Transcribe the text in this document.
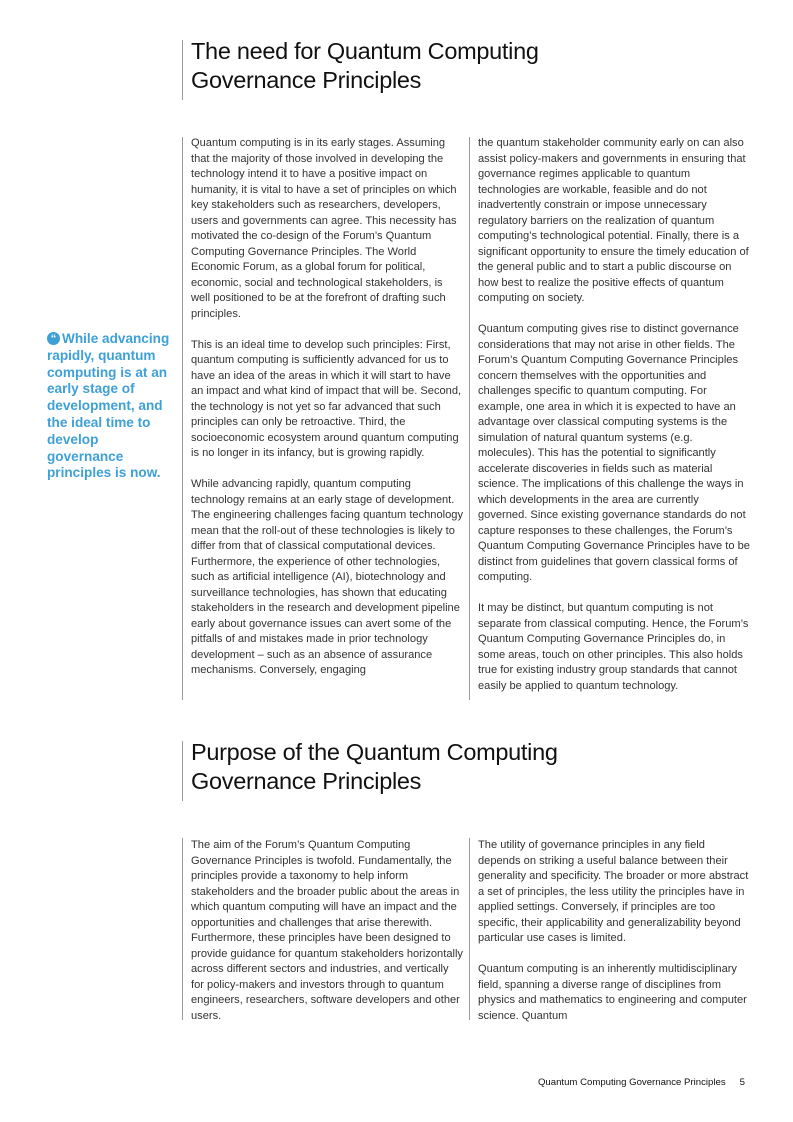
The need for Quantum Computing Governance Principles

Quantum computing is in its early stages. Assuming that the majority of those involved in developing the technology intend it to have a positive impact on humanity, it is vital to have a set of principles on which key stakeholders such as researchers, developers, users and governments can agree. This necessity has motivated the co-design of the Forum’s Quantum Computing Governance Principles. The World Economic Forum, as a global forum for political, economic, social and technological stakeholders, is well positioned to be at the forefront of drafting such principles.

This is an ideal time to develop such principles: First, quantum computing is sufficiently advanced for us to have an idea of the areas in which it will start to have an impact and what kind of impact that will be. Second, the technology is not yet so far advanced that such principles can only be retroactive. Third, the socioeconomic ecosystem around quantum computing is no longer in its infancy, but is growing rapidly.

While advancing rapidly, quantum computing technology remains at an early stage of development. The engineering challenges facing quantum technology mean that the roll-out of these technologies is likely to differ from that of classical computational devices. Furthermore, the experience of other technologies, such as artificial intelligence (AI), biotechnology and surveillance technologies, has shown that educating stakeholders in the research and development pipeline early about governance issues can avert some of the pitfalls of and mistakes made in prior technology development – such as an absence of assurance mechanisms. Conversely, engaging

the quantum stakeholder community early on can also assist policy-makers and governments in ensuring that governance regimes applicable to quantum technologies are workable, feasible and do not inadvertently constrain or impose unnecessary regulatory barriers on the realization of quantum computing’s technological potential. Finally, there is a significant opportunity to ensure the timely education of the general public and to start a public discourse on how best to realize the positive effects of quantum computing on society.

Quantum computing gives rise to distinct governance considerations that may not arise in other fields. The Forum’s Quantum Computing Governance Principles concern themselves with the opportunities and challenges specific to quantum computing. For example, one area in which it is expected to have an advantage over classical computing systems is the simulation of natural quantum systems (e.g. molecules). This has the potential to significantly accelerate discoveries in fields such as material science. The implications of this challenge the ways in which developments in the area are currently governed. Since existing governance standards do not capture responses to these challenges, the Forum’s Quantum Computing Governance Principles have to be distinct from guidelines that govern classical forms of computing.

It may be distinct, but quantum computing is not separate from classical computing. Hence, the Forum’s Quantum Computing Governance Principles do, in some areas, touch on other principles. This also holds true for existing industry group standards that cannot easily be applied to quantum technology.

“ While advancing rapidly, quantum computing is at an early stage of development, and the ideal time to develop governance principles is now.
Purpose of the Quantum Computing Governance Principles

The aim of the Forum’s Quantum Computing Governance Principles is twofold. Fundamentally, the principles provide a taxonomy to help inform stakeholders and the broader public about the areas in which quantum computing will have an impact and the opportunities and challenges that arise therewith. Furthermore, these principles have been designed to provide guidance for quantum stakeholders horizontally across different sectors and industries, and vertically for policy-makers and investors through to quantum engineers, researchers, software developers and other users.

The utility of governance principles in any field depends on striking a useful balance between their generality and specificity. The broader or more abstract a set of principles, the less utility the principles have in applied settings. Conversely, if principles are too specific, their applicability and generalizability beyond particular use cases is limited.

Quantum computing is an inherently multidisciplinary field, spanning a diverse range of disciplines from physics and mathematics to engineering and computer science. Quantum

Quantum Computing Governance Principles 5
